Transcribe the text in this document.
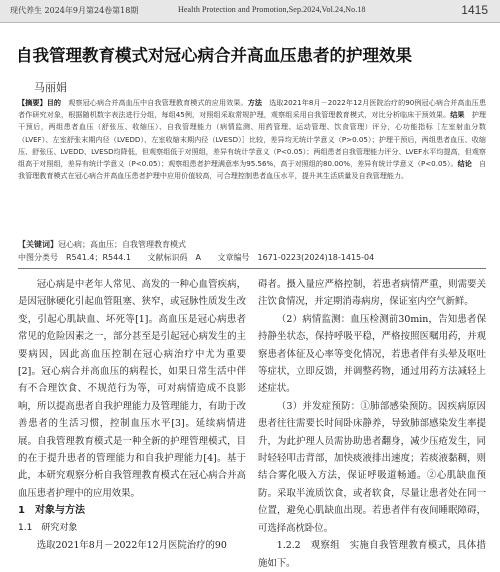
现代养生 2024年9月第24卷第18期	Health Protection and Promotion,Sep.2024,Vol.24,No.18	1415
自我管理教育模式对冠心病合并高血压患者的护理效果
马丽娟
【摘要】目的　 观察冠心病合并高血压中自我管理教育模式的应用效果。方法　 选取2021年8月－2022年12月医院治疗的90例冠心病合并高血压患者作研究对象，根据随机数字表法进行分组，每组45例，对照组采取常规护理，观察组采用自我管理教育模式，对比分析临床干预效果。结果　 护理干预后，两组患者血压（舒张压、收缩压）、自我管理能力（病情监测、用药管理、运动管理、饮食管理）评分，心功能指标［左室射血分数（LVEF）、左室舒张末期内径（LVEDD）、左室收缩末期内径（LVESD）］比较，差异均无统计学意义（P>0.05）；护理干预后，两组患者血压、收缩压、舒张压、LVEDD、LVESD均降低，但观察组低于对照组，差异有统计学意义（P<0.05）；两组患者自我管理能力评分、LVEF水平均提高，但观察组高于对照组，差异有统计学意义（P<0.05）；观察组患者护理满意率为95.56%，高于对照组的80.00%，差异有统计学意义（P<0.05）。结论　 自我管理教育模式在冠心病合并高血压患者护理中应用价值较高，可合理控制患者血压水平，提升其生活质量及自我管理能力。
【关键词】冠心病；高血压；自我管理教育模式
中图分类号　R541.4；R544.1 文献标识码　A 文章编号　1671-0223(2024)18-1415-04

冠心病是中老年人常见、高发的一种心血管疾病，是因冠脉硬化引起血管阻塞、狭窄，或冠脉性质发生改变，引起心肌缺血、坏死等[1]。高血压是冠心病患者常见的危险因素之一，部分甚至是引起冠心病发生的主要病因，因此高血压控制在冠心病治疗中尤为重要[2]。冠心病合并高血压的病程长，如果日常生活中伴有不合理饮食、不规范行为等，可对病情造成不良影响，所以提高患者自我护理能力及管理能力，有助于改善患者的生活习惯，控制血压水平[3]。延续病情进展。自我管理教育模式是一种全新的护理管理模式，目的在于提升患者的管理能力和自我护理能力[4]。基于此，本研究观察分析自我管理教育模式在冠心病合并高血压患者护理中的应用效果。

1　对象与方法

1.1　研究对象

选取2021年8月－2022年12月医院治疗的90

碍者。摄入量应严格控制，若患者病情严重，则需要关注饮食情况，并定期消毒病房，保证室内空气新鲜。

（2）病情监测：血压检测前30min，告知患者保持静坐状态，保持呼吸平稳，严格按照医嘱用药，并观察患者体征及心率等变化情况，若患者伴有头晕及呕吐等症状，立即反馈，并调整药物，通过用药方法减轻上述症状。

（3）并发症预防：①肺部感染预防。因疾病原因患者往往需要长时间卧床静养，导致肺部感染发生率提升，为此护理人员需协助患者翻身，减少压疮发生，同时轻轻叩击背部，加快痰液排出速度；若痰液黏稠，则结合雾化吸入方法，保证呼吸道畅通。②心肌缺血预防。采取半流质饮食，或者软食，尽量让患者处在同一位置，避免心肌缺血出现。若患者伴有夜间睡眠障碍，可选择高枕卧位。

1.2.2　观察组　实施自我管理教育模式，具体措施如下。
